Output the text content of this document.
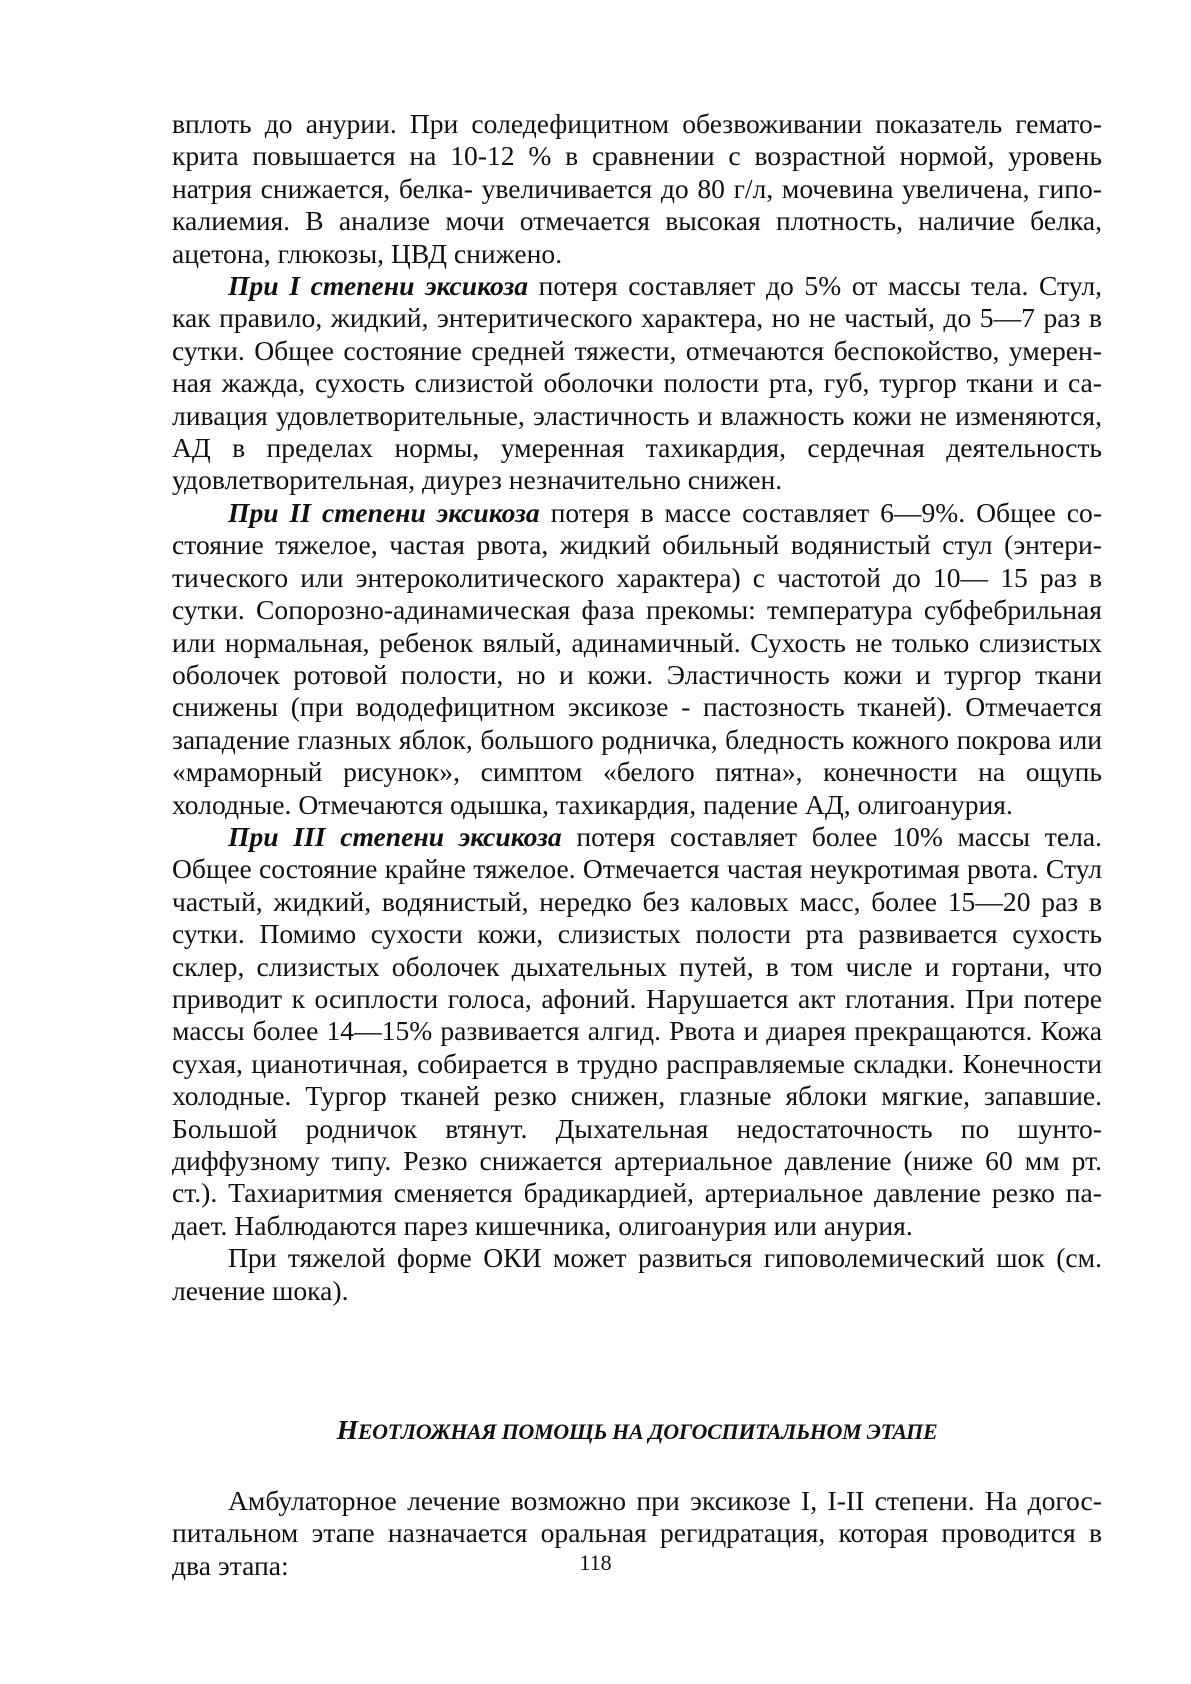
вплоть до анурии. При соледефицитном обезвоживании показатель гематокрита повышается на 10-12 % в сравнении с возрастной нормой, уровень натрия снижается, белка- увеличивается до 80 г/л, мочевина увеличена, гипокалиемия. В анализе мочи отмечается высокая плотность, наличие белка, ацетона, глюкозы, ЦВД снижено.

При I степени эксикоза потеря составляет до 5% от массы тела. Стул, как правило, жидкий, энтеритического характера, но не частый, до 5—7 раз в сутки. Общее состояние средней тяжести, отмечаются беспокойство, умеренная жажда, сухость слизистой оболочки полости рта, губ, тургор ткани и саливация удовлетворительные, эластичность и влажность кожи не изменяются, АД в пределах нормы, умеренная тахикардия, сердечная деятельность удовлетворительная, диурез незначительно снижен.

При II степени эксикоза потеря в массе составляет 6—9%. Общее состояние тяжелое, частая рвота, жидкий обильный водянистый стул (энтеритического или энтероколитического характера) с частотой до 10— 15 раз в сутки. Сопорозно-адинамическая фаза прекомы: температура субфебрильная или нормальная, ребенок вялый, адинамичный. Сухость не только слизистых оболочек ротовой полости, но и кожи. Эластичность кожи и тургор ткани снижены (при вододефицитном эксикозе - пастозность тканей). Отмечается западение глазных яблок, большого родничка, бледность кожного покрова или «мраморный рисунок», симптом «белого пятна», конечности на ощупь холодные. Отмечаются одышка, тахикардия, падение АД, олигоанурия.

При III степени эксикоза потеря составляет более 10% массы тела. Общее состояние крайне тяжелое. Отмечается частая неукротимая рвота. Стул частый, жидкий, водянистый, нередко без каловых масс, более 15—20 раз в сутки. Помимо сухости кожи, слизистых полости рта развивается сухость склер, слизистых оболочек дыхательных путей, в том числе и гортани, что приводит к осиплости голоса, афоний. Нарушается акт глотания. При потере массы более 14—15% развивается алгид. Рвота и диарея прекращаются. Кожа сухая, цианотичная, собирается в трудно расправляемые складки. Конечности холодные. Тургор тканей резко снижен, глазные яблоки мягкие, запавшие. Большой родничок втянут. Дыхательная недостаточность по шунто-диффузному типу. Резко снижается артериальное давление (ниже 60 мм рт. ст.). Тахиаритмия сменяется брадикардией, артериальное давление резко падает. Наблюдаются парез кишечника, олигоанурия или анурия.

При тяжелой форме ОКИ может развиться гиповолемический шок (см. лечение шока).

НЕОТЛОЖНАЯ ПОМОЩЬ НА ДОГОСПИТАЛЬНОМ ЭТАПЕ

Амбулаторное лечение возможно при эксикозе I, I-II степени. На догоспитальном этапе назначается оральная регидратация, которая проводится в два этапа:	118
